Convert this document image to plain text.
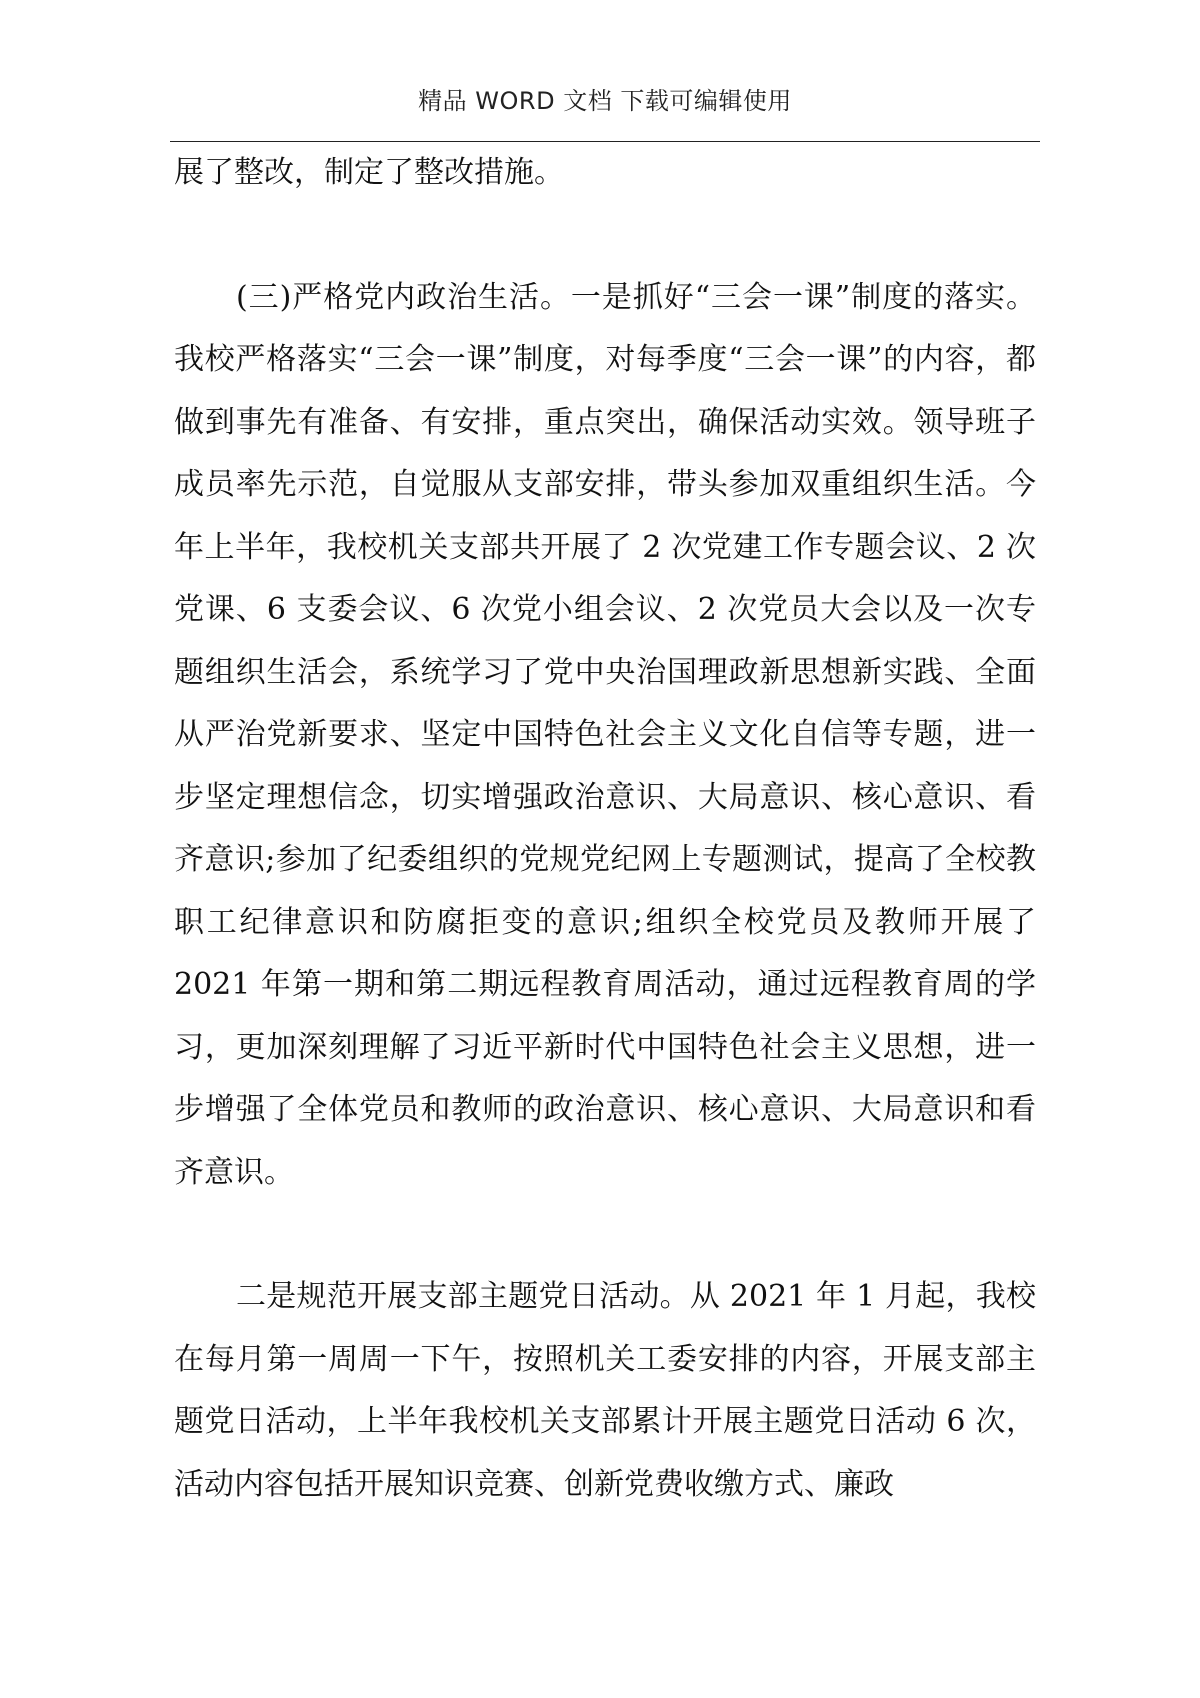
精品 WORD 文档 下载可编辑使用

展了整改，制定了整改措施。

(三)严格党内政治生活。一是抓好“三会一课”制度的落实。我校严格落实“三会一课”制度，对每季度“三会一课”的内容，都做到事先有准备、有安排，重点突出，确保活动实效。领导班子成员率先示范，自觉服从支部安排，带头参加双重组织生活。今年上半年，我校机关支部共开展了 2 次党建工作专题会议、2 次党课、6 支委会议、6 次党小组会议、2 次党员大会以及一次专题组织生活会，系统学习了党中央治国理政新思想新实践、全面从严治党新要求、坚定中国特色社会主义文化自信等专题，进一步坚定理想信念，切实增强政治意识、大局意识、核心意识、看齐意识;参加了纪委组织的党规党纪网上专题测试，提高了全校教职工纪律意识和防腐拒变的意识;组织全校党员及教师开展了 2021 年第一期和第二期远程教育周活动，通过远程教育周的学习，更加深刻理解了习近平新时代中国特色社会主义思想，进一步增强了全体党员和教师的政治意识、核心意识、大局意识和看齐意识。

二是规范开展支部主题党日活动。从 2021 年 1 月起，我校在每月第一周周一下午，按照机关工委安排的内容，开展支部主题党日活动，上半年我校机关支部累计开展主题党日活动 6 次，活动内容包括开展知识竞赛、创新党费收缴方式、廉政
